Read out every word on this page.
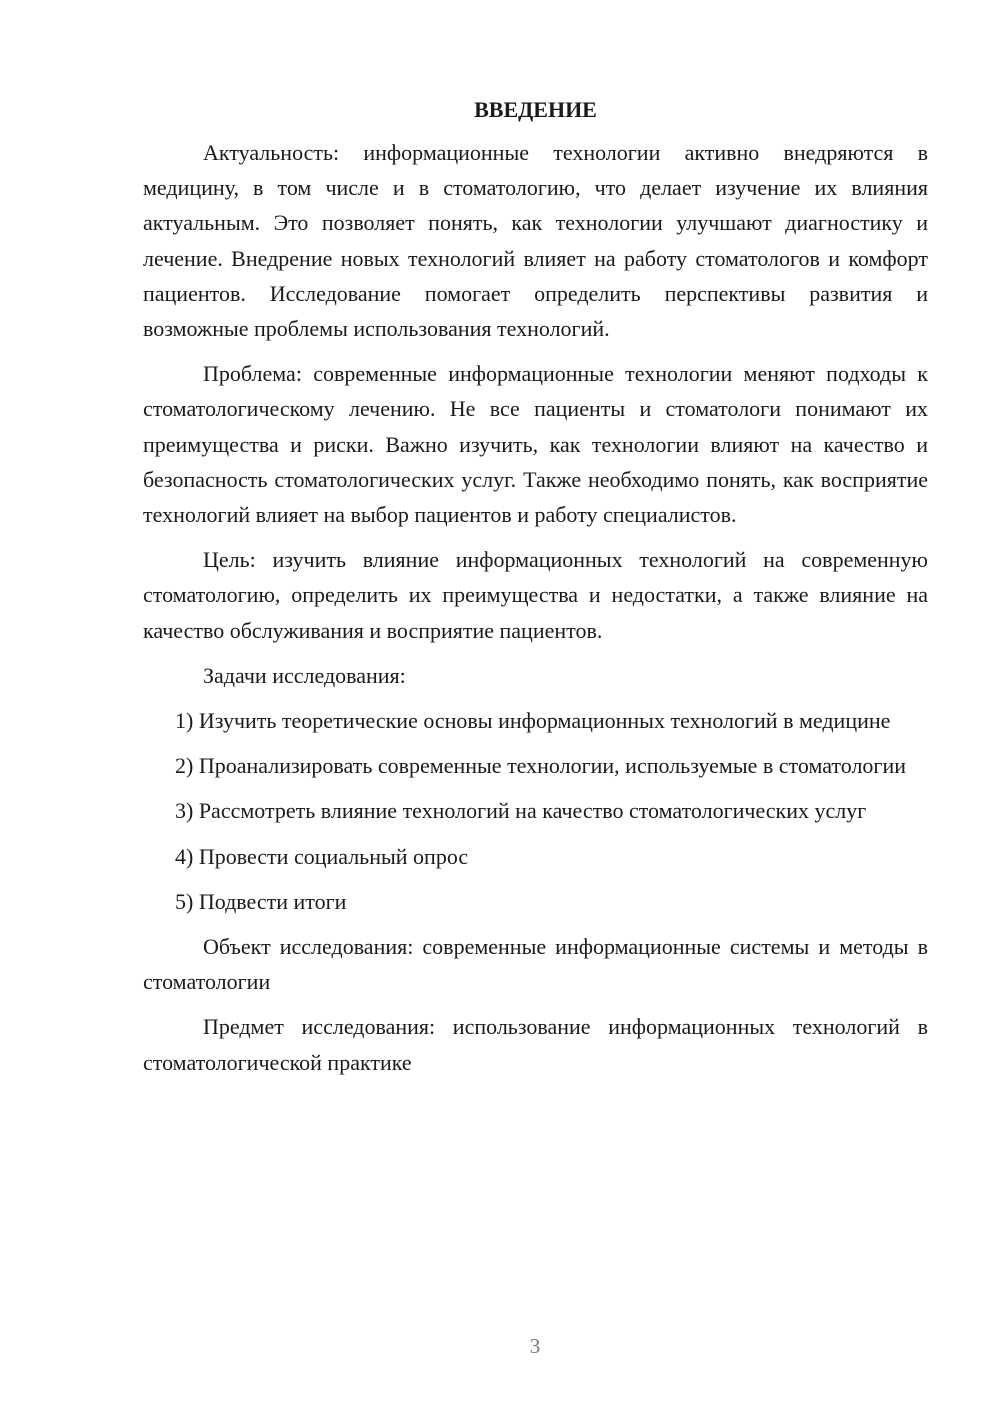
ВВЕДЕНИЕ

Актуальность: информационные технологии активно внедряются в медицину, в том числе и в стоматологию, что делает изучение их влияния актуальным. Это позволяет понять, как технологии улучшают диагностику и лечение. Внедрение новых технологий влияет на работу стоматологов и комфорт пациентов. Исследование помогает определить перспективы развития и возможные проблемы использования технологий.

Проблема: современные информационные технологии меняют подходы к стоматологическому лечению. Не все пациенты и стоматологи понимают их преимущества и риски. Важно изучить, как технологии влияют на качество и безопасность стоматологических услуг. Также необходимо понять, как восприятие технологий влияет на выбор пациентов и работу специалистов.

Цель: изучить влияние информационных технологий на современную стоматологию, определить их преимущества и недостатки, а также влияние на качество обслуживания и восприятие пациентов.

Задачи исследования:

1) Изучить теоретические основы информационных технологий в медицине

2) Проанализировать современные технологии, используемые в стоматологии

3) Рассмотреть влияние технологий на качество стоматологических услуг

4) Провести социальный опрос

5) Подвести итоги

Объект исследования: современные информационные системы и методы в стоматологии

Предмет исследования: использование информационных технологий в стоматологической практике

3
